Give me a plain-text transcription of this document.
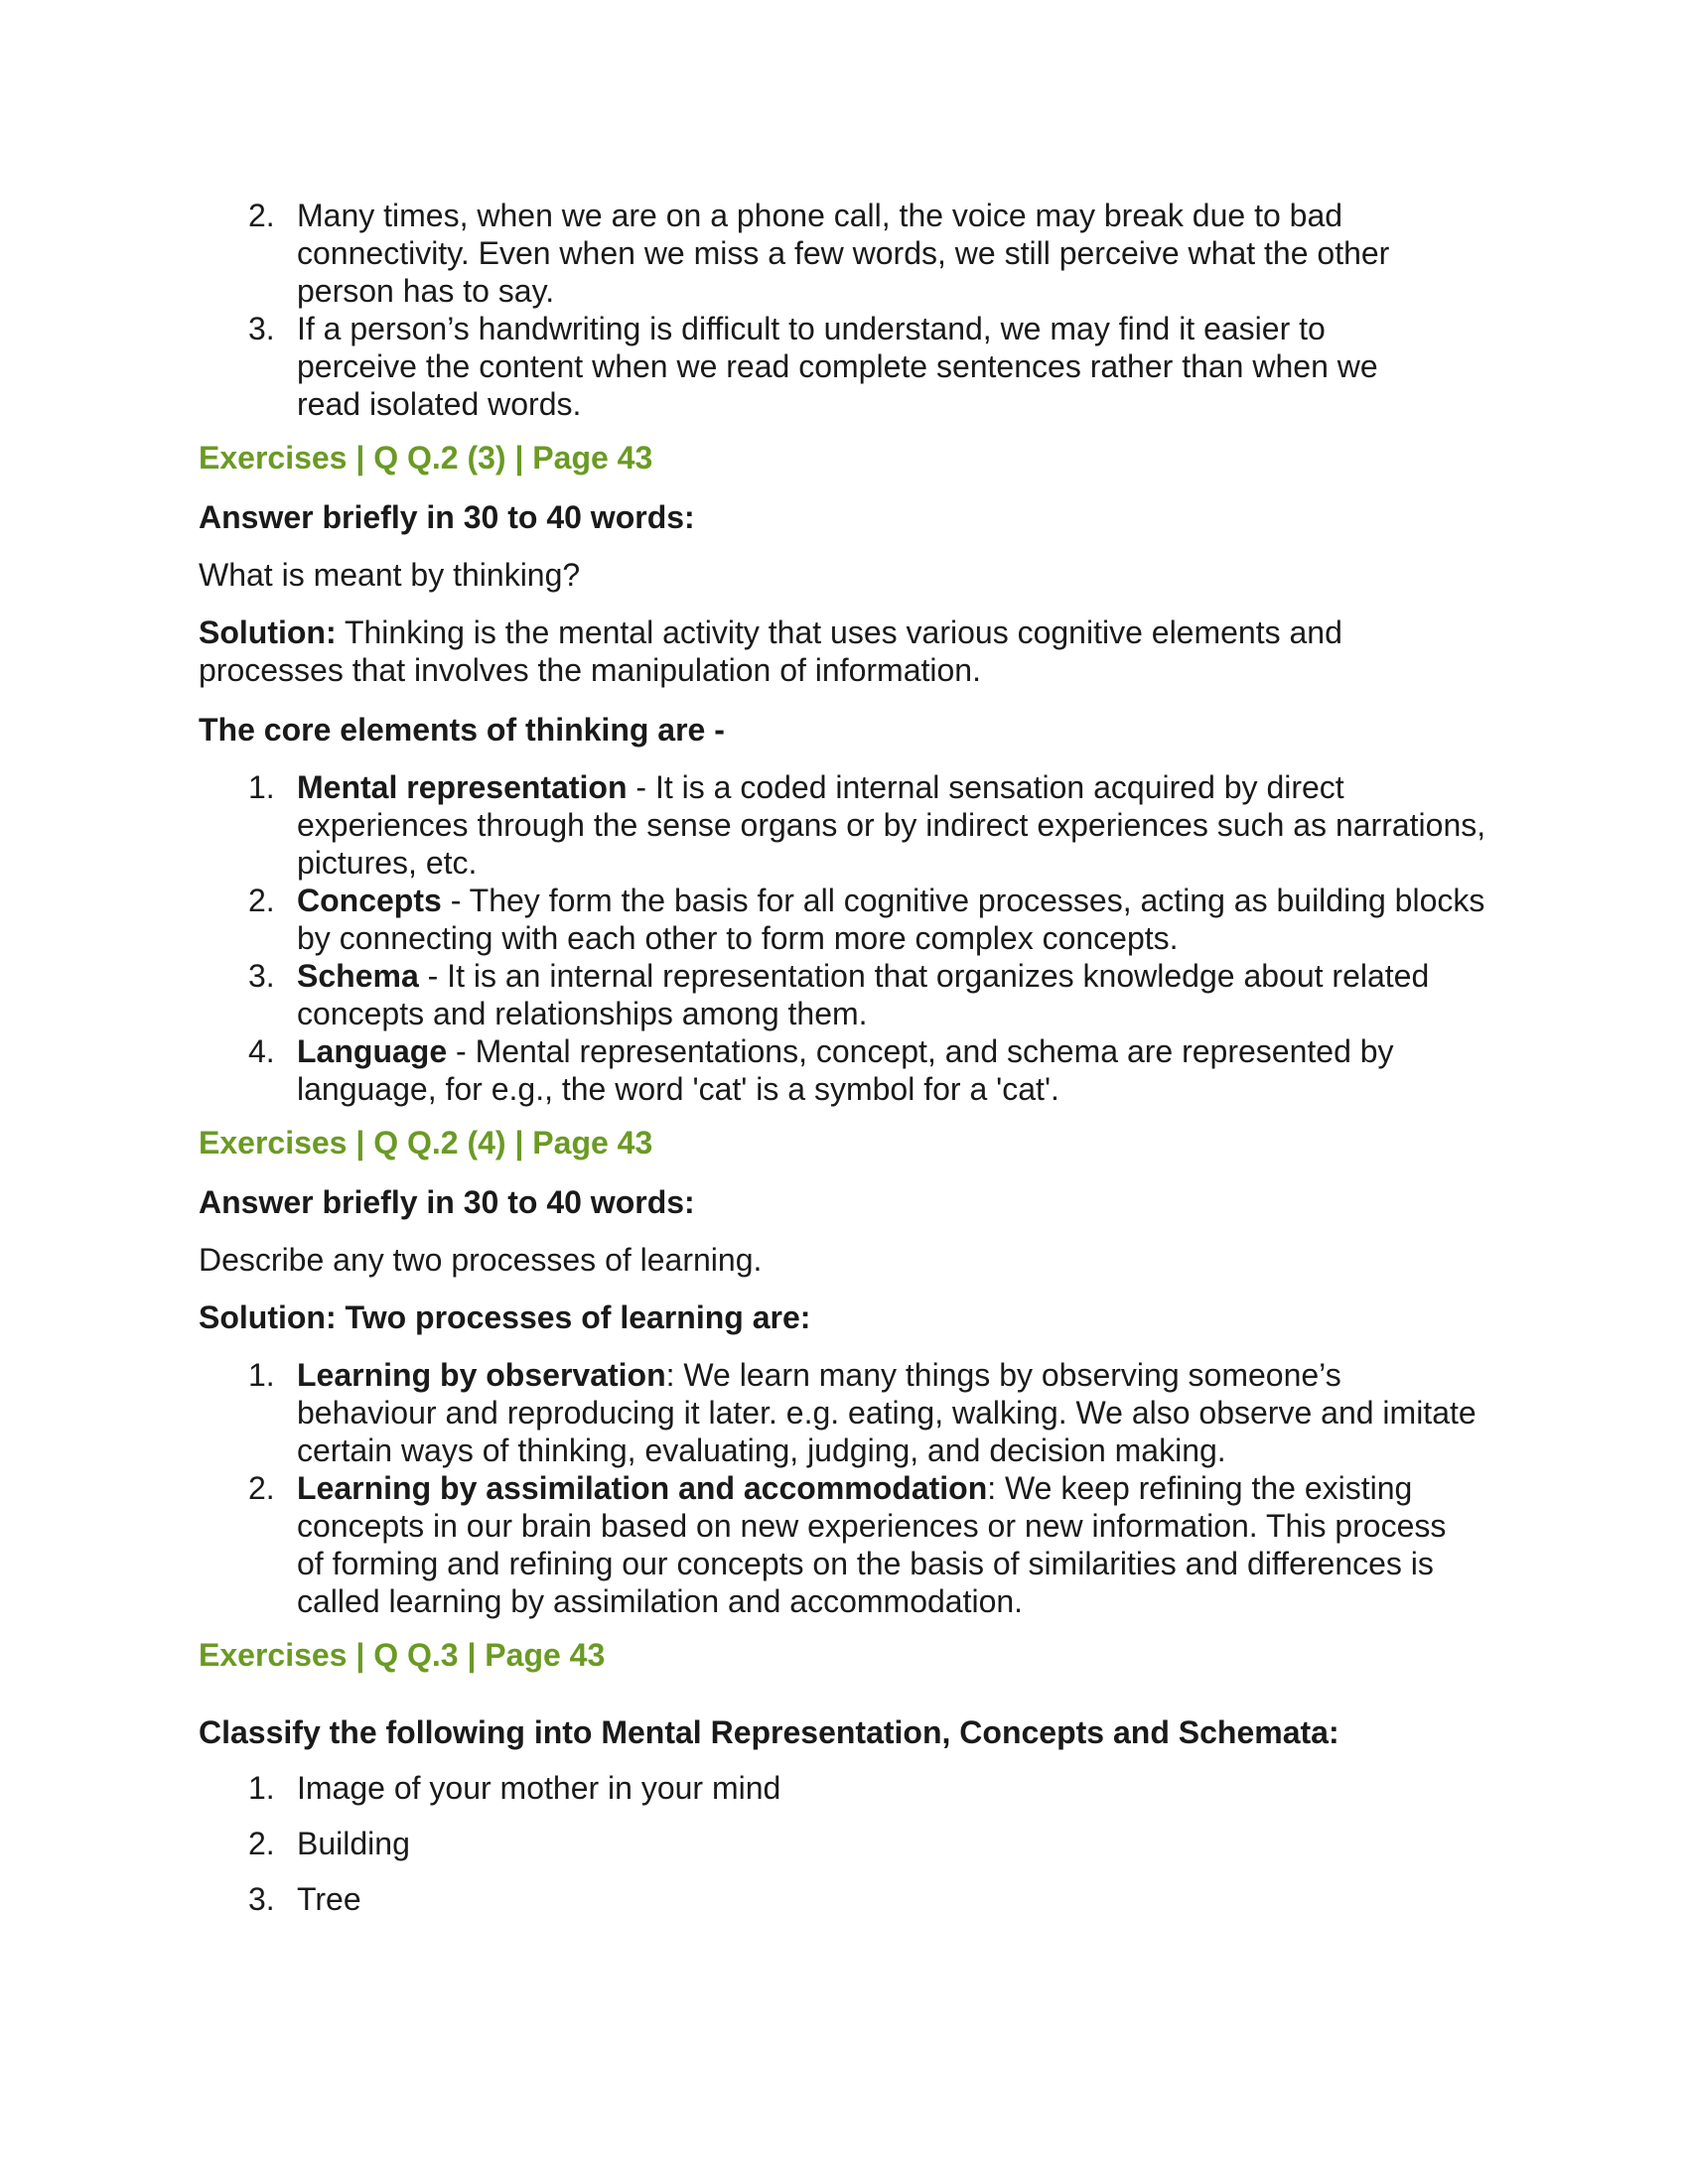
2. Many times, when we are on a phone call, the voice may break due to bad connectivity. Even when we miss a few words, we still perceive what the other person has to say.
3. If a person’s handwriting is difficult to understand, we may find it easier to perceive the content when we read complete sentences rather than when we read isolated words.
Exercises | Q Q.2 (3) | Page 43
Answer briefly in 30 to 40 words:
What is meant by thinking?
Solution: Thinking is the mental activity that uses various cognitive elements and processes that involves the manipulation of information.
The core elements of thinking are -
1. Mental representation - It is a coded internal sensation acquired by direct experiences through the sense organs or by indirect experiences such as narrations, pictures, etc.
2. Concepts - They form the basis for all cognitive processes, acting as building blocks by connecting with each other to form more complex concepts.
3. Schema - It is an internal representation that organizes knowledge about related concepts and relationships among them.
4. Language - Mental representations, concept, and schema are represented by language, for e.g., the word 'cat' is a symbol for a 'cat'.
Exercises | Q Q.2 (4) | Page 43
Answer briefly in 30 to 40 words:
Describe any two processes of learning.
Solution: Two processes of learning are:
1. Learning by observation: We learn many things by observing someone’s behaviour and reproducing it later. e.g. eating, walking. We also observe and imitate certain ways of thinking, evaluating, judging, and decision making.
2. Learning by assimilation and accommodation: We keep refining the existing concepts in our brain based on new experiences or new information. This process of forming and refining our concepts on the basis of similarities and differences is called learning by assimilation and accommodation.
Exercises | Q Q.3 | Page 43
Classify the following into Mental Representation, Concepts and Schemata:
1. Image of your mother in your mind
2. Building
3. Tree
